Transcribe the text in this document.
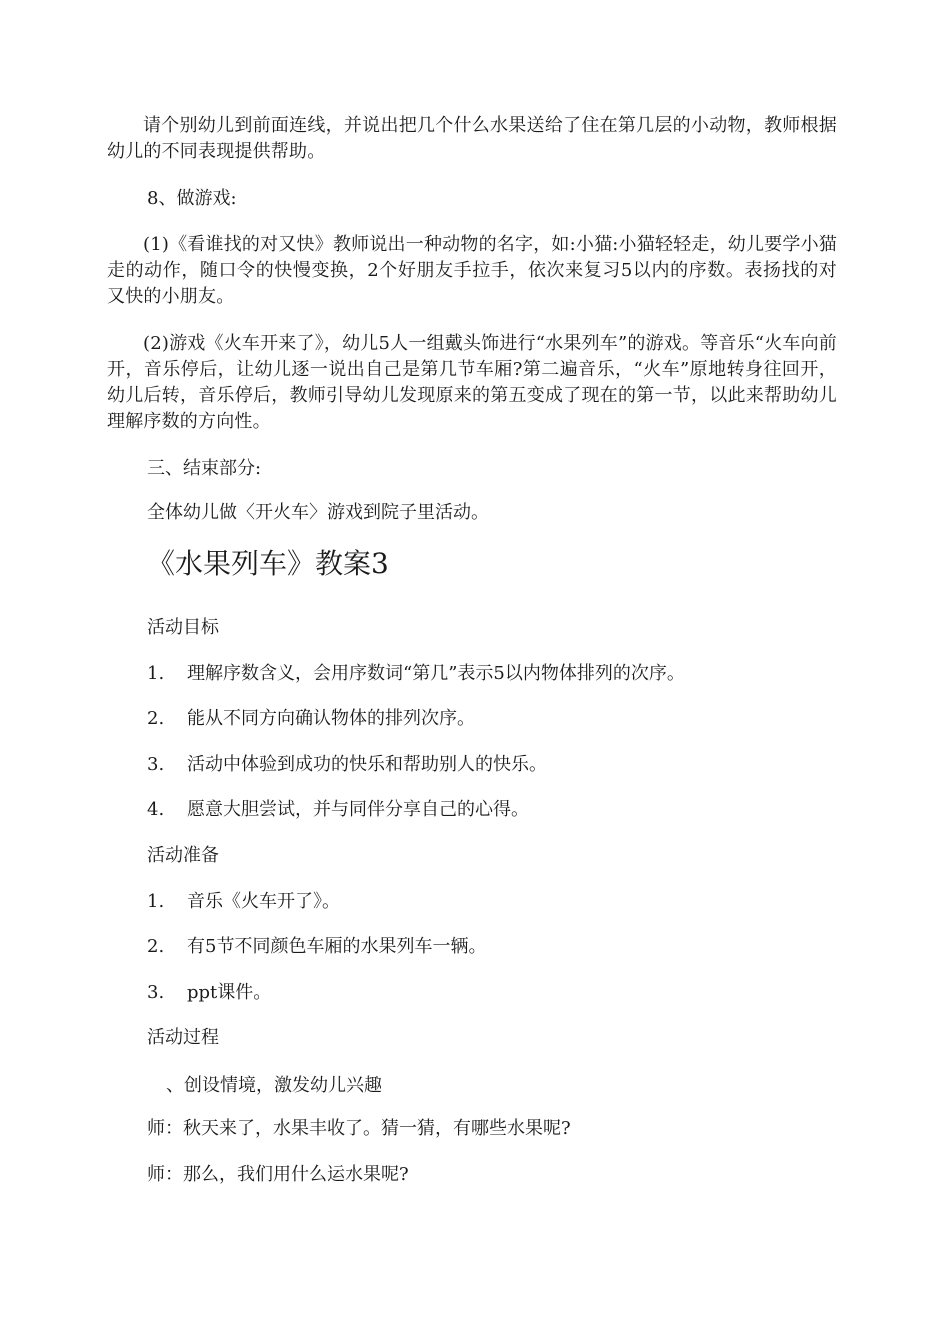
请个别幼儿到前面连线，并说出把几个什么水果送给了住在第几层的小动物，教师根据幼儿的不同表现提供帮助。

8、做游戏:

(1)《看谁找的对又快》教师说出一种动物的名字，如:小猫:小猫轻轻走，幼儿要学小猫走的动作，随口令的快慢变换，2个好朋友手拉手，依次来复习5以内的序数。表扬找的对又快的小朋友。

(2)游戏《火车开来了》，幼儿5人一组戴头饰进行“水果列车”的游戏。等音乐“火车向前开，音乐停后，让幼儿逐一说出自己是第几节车厢?第二遍音乐，“火车”原地转身往回开，幼儿后转，音乐停后，教师引导幼儿发现原来的第五变成了现在的第一节，以此来帮助幼儿理解序数的方向性。

三、结束部分:

全体幼儿做〈开火车〉游戏到院子里活动。

《水果列车》教案3

活动目标

1. 理解序数含义，会用序数词“第几”表示5以内物体排列的次序。

2. 能从不同方向确认物体的排列次序。

3. 活动中体验到成功的快乐和帮助别人的快乐。

4. 愿意大胆尝试，并与同伴分享自己的心得。

活动准备

1. 音乐《火车开了》。

2. 有5节不同颜色车厢的水果列车一辆。

3. ppt课件。

活动过程

、创设情境，激发幼儿兴趣

师：秋天来了，水果丰收了。猜一猜，有哪些水果呢?

师：那么，我们用什么运水果呢?
